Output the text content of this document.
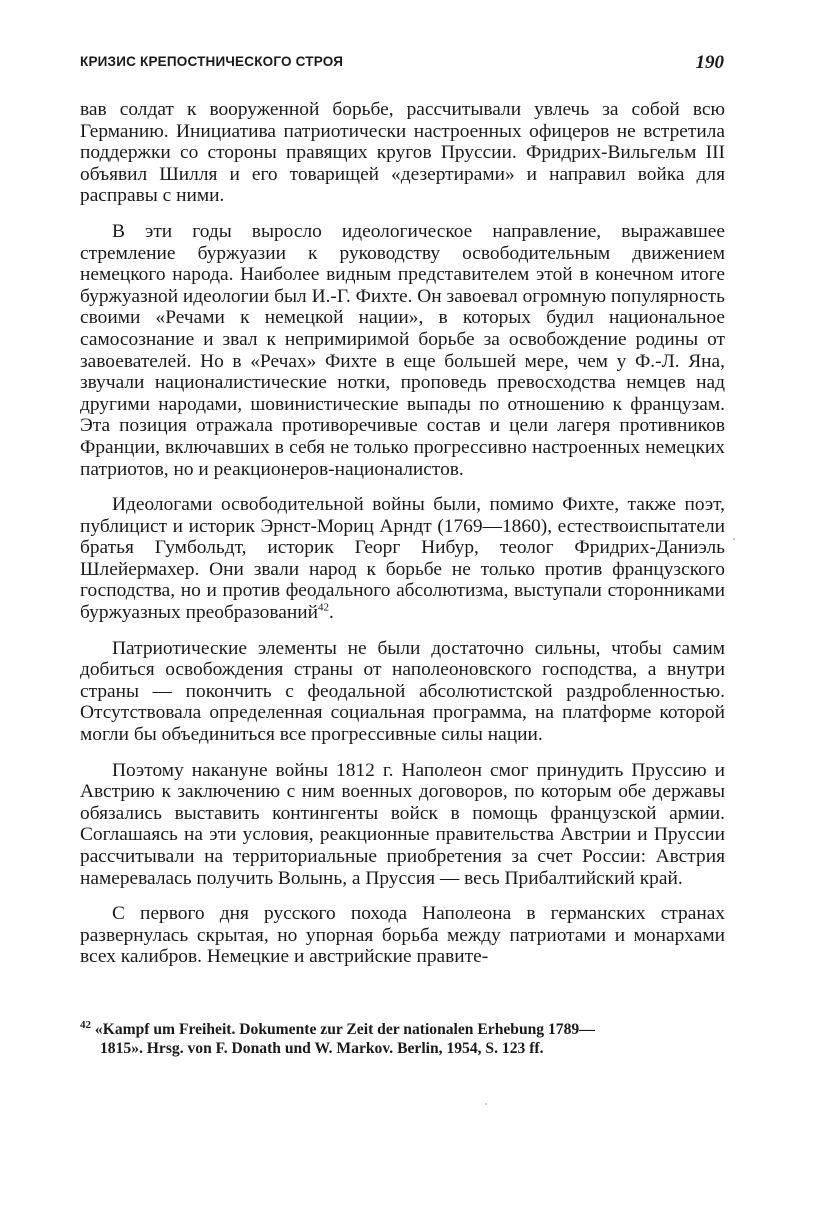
КРИЗИС КРЕПОСТНИЧЕСКОГО СТРОЯ	190

вав солдат к вооруженной борьбе, рассчитывали увлечь за собой всю Германию. Инициатива патриотически настроенных офицеров не встретила поддержки со стороны правящих кругов Пруссии. Фридрих-Вильгельм III объявил Шилля и его товарищей «дезертирами» и направил войка для расправы с ними.

В эти годы выросло идеологическое направление, выражавшее стремление буржуазии к руководству освободительным движением немецкого народа. Наиболее видным представителем этой в конечном итоге буржуазной идеологии был И.-Г. Фихте. Он завоевал огромную популярность своими «Речами к немецкой нации», в которых будил национальное самосознание и звал к непримиримой борьбе за освобождение родины от завоевателей. Но в «Речах» Фихте в еще большей мере, чем у Ф.-Л. Яна, звучали националистические нотки, проповедь превосходства немцев над другими народами, шовинистические выпады по отношению к французам. Эта позиция отражала противоречивые состав и цели лагеря противников Франции, включавших в себя не только прогрессивно настроенных немецких патриотов, но и реакционеров-националистов.

Идеологами освободительной войны были, помимо Фихте, также поэт, публицист и историк Эрнст-Мориц Арндт (1769—1860), естествоиспытатели братья Гумбольдт, историк Георг Нибур, теолог Фридрих-Даниэль Шлейермахер. Они звали народ к борьбе не только против французского господства, но и против феодального абсолютизма, выступали сторонниками буржуазных преобразований$^{42}$.

Патриотические элементы не были достаточно сильны, чтобы самим добиться освобождения страны от наполеоновского господства, а внутри страны — покончить с феодальной абсолютистской раздробленностью. Отсутствовала определенная социальная программа, на платформе которой могли бы объединиться все прогрессивные силы нации.

Поэтому накануне войны 1812 г. Наполеон смог принудить Пруссию и Австрию к заключению с ним военных договоров, по которым обе державы обязались выставить контингенты войск в помощь французской армии. Соглашаясь на эти условия, реакционные правительства Австрии и Пруссии рассчитывали на территориальные приобретения за счет России: Австрия намеревалась получить Волынь, а Пруссия — весь Прибалтийский край.

С первого дня русского похода Наполеона в германских странах развернулась скрытая, но упорная борьба между патриотами и монархами всех калибров. Немецкие и австрийские правите-

$^{42}$ «Kampf um Freiheit. Dokumente zur Zeit der nationalen Erhebung 1789—
1815». Hrsg. von F. Donath und W. Markov. Berlin, 1954, S. 123 ff.
